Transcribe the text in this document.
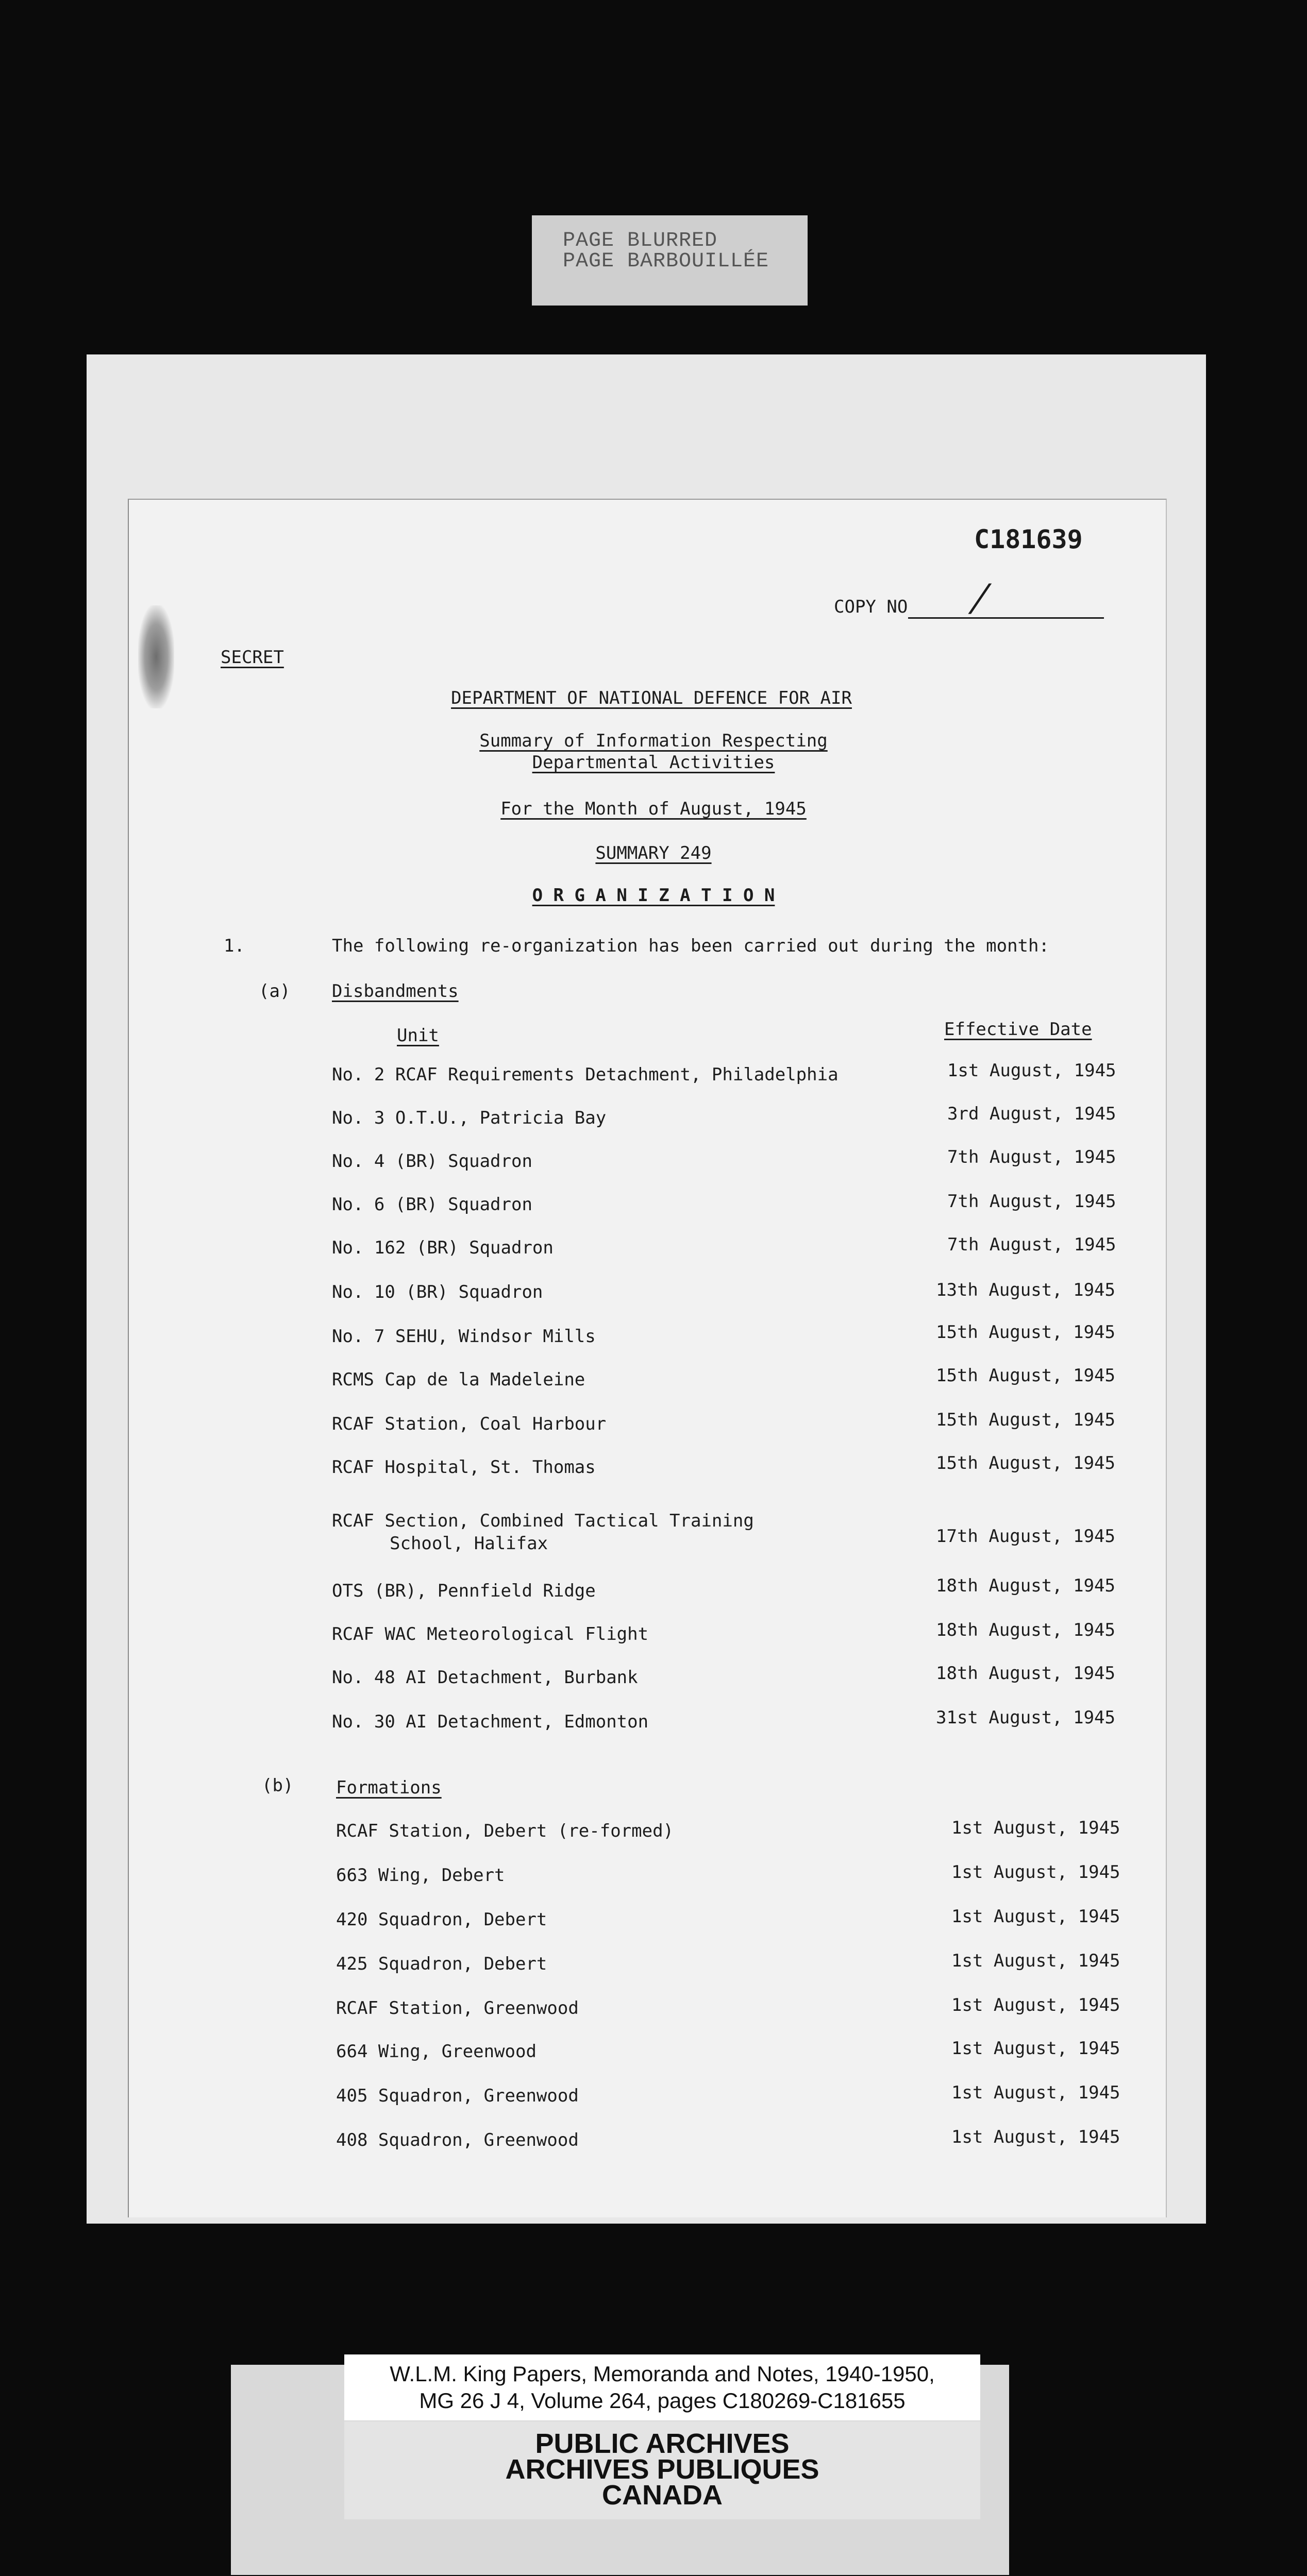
PAGE BLURRED
PAGE BARBOUILLÉE
C181639
COPY NO /
SECRET
DEPARTMENT OF NATIONAL DEFENCE FOR AIR
Summary of Information Respecting
Departmental Activities
For the Month of August, 1945
SUMMARY 249
O R G A N I Z A T I O N
1.	The following re-organization has been carried out during the month:
(a) Disbandments
Unit	Effective Date
No. 2 RCAF Requirements Detachment, Philadelphia	1st August, 1945
No. 3 O.T.U., Patricia Bay	3rd August, 1945
No. 4 (BR) Squadron	7th August, 1945
No. 6 (BR) Squadron	7th August, 1945
No. 162 (BR) Squadron	7th August, 1945
No. 10 (BR) Squadron	13th August, 1945
No. 7 SEHU, Windsor Mills	15th August, 1945
RCMS Cap de la Madeleine	15th August, 1945
RCAF Station, Coal Harbour	15th August, 1945
RCAF Hospital, St. Thomas	15th August, 1945
RCAF Section, Combined Tactical Training
School, Halifax	17th August, 1945
OTS (BR), Pennfield Ridge	18th August, 1945
RCAF WAC Meteorological Flight	18th August, 1945
No. 48 AI Detachment, Burbank	18th August, 1945
No. 30 AI Detachment, Edmonton	31st August, 1945
(b) Formations
RCAF Station, Debert (re-formed)	1st August, 1945
663 Wing, Debert	1st August, 1945
420 Squadron, Debert	1st August, 1945
425 Squadron, Debert	1st August, 1945
RCAF Station, Greenwood	1st August, 1945
664 Wing, Greenwood	1st August, 1945
405 Squadron, Greenwood	1st August, 1945
408 Squadron, Greenwood	1st August, 1945
W.L.M. King Papers, Memoranda and Notes, 1940-1950,
MG 26 J 4, Volume 264, pages C180269-C181655
PUBLIC ARCHIVES
ARCHIVES PUBLIQUES
CANADA
